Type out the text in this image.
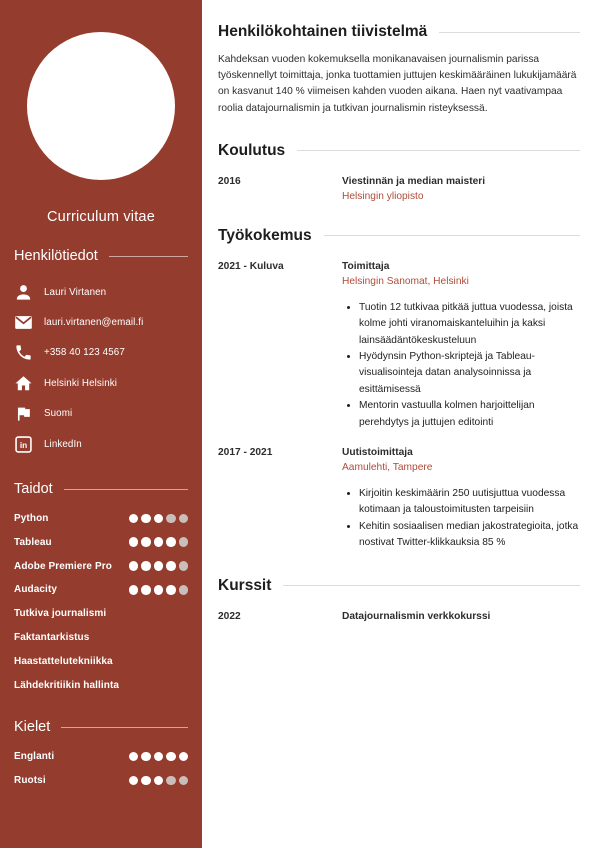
Curriculum vitae
Henkilötiedot
Lauri Virtanen
lauri.virtanen@email.fi
+358 40 123 4567
Helsinki Helsinki
Suomi
in LinkedIn
Taidot
Python
Tableau
Adobe Premiere Pro
Audacity
Tutkiva journalismi
Faktantarkistus
Haastattelutekniikka
Lähdekritiikin hallinta
Kielet
Englanti
Ruotsi
Henkilökohtainen tiivistelmä

Kahdeksan vuoden kokemuksella monikanavaisen journalismin parissa työskennellyt toimittaja, jonka tuottamien juttujen keskimääräinen lukukijamäärä on kasvanut 140 % viimeisen kahden vuoden aikana. Haen nyt vaativampaa roolia datajournalismin ja tutkivan journalismin risteyksessä.

Koulutus
2016	Viestinnän ja median maisteri
Helsingin yliopisto
Työkokemus
2021 - Kuluva	Toimittaja
Helsingin Sanomat, Helsinki
• Tuotin 12 tutkivaa pitkää juttua vuodessa, joista kolme johti viranomaiskanteluihin ja kaksi lainsäädäntökeskusteluun
• Hyödynsin Python-skriptejä ja Tableau-visualisointeja datan analysoinnissa ja esittämisessä
• Mentorin vastuulla kolmen harjoittelijan perehdytys ja juttujen editointi
2017 - 2021	Uutistoimittaja
Aamulehti, Tampere
• Kirjoitin keskimäärin 250 uutisjuttua vuodessa kotimaan ja taloustoimitusten tarpeisiin
• Kehitin sosiaalisen median jakostrategioita, jotka nostivat Twitter-klikkauksia 85 %
Kurssit
2022	Datajournalismin verkkokurssi
